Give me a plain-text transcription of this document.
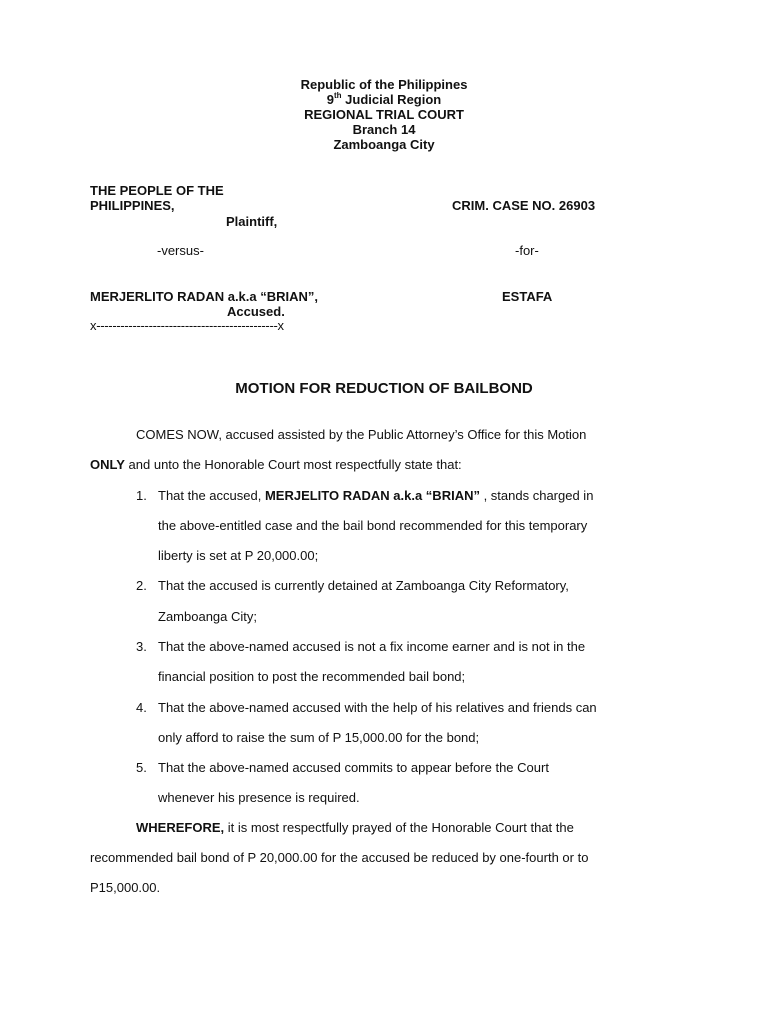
Republic of the Philippines
9th Judicial Region
REGIONAL TRIAL COURT
Branch 14
Zamboanga City
THE PEOPLE OF THE
PHILIPPINES,	CRIM. CASE NO. 26903
Plaintiff,
-versus-	-for-
MERJERLITO RADAN a.k.a “BRIAN”,	ESTAFA
Accused.
x---------------------------------------------x
MOTION FOR REDUCTION OF BAILBOND
COMES NOW, accused assisted by the Public Attorney’s Office for this Motion
ONLY and unto the Honorable Court most respectfully state that:
1. That the accused, MERJELITO RADAN a.k.a “BRIAN” , stands charged in
the above-entitled case and the bail bond recommended for this temporary
liberty is set at P 20,000.00;
2. That the accused is currently detained at Zamboanga City Reformatory,
Zamboanga City;
3. That the above-named accused is not a fix income earner and is not in the
financial position to post the recommended bail bond;
4. That the above-named accused with the help of his relatives and friends can
only afford to raise the sum of P 15,000.00 for the bond;
5. That the above-named accused commits to appear before the Court
whenever his presence is required.
WHEREFORE, it is most respectfully prayed of the Honorable Court that the
recommended bail bond of P 20,000.00 for the accused be reduced by one-fourth or to
P15,000.00.
